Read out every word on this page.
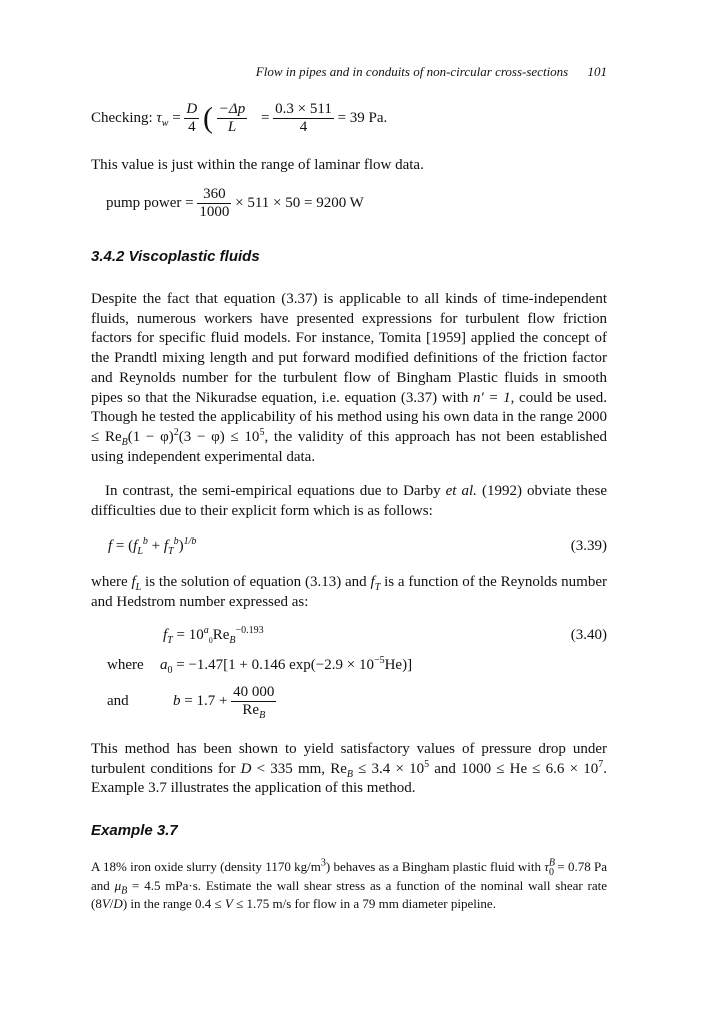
Flow in pipes and in conduits of non-circular cross-sections 101
Checking: $\tau_w = \frac{D}{4}$ ( $\frac{-\Delta p}{L} = \frac{0.3 \times 511}{4} = 39$ Pa.
This value is just within the range of laminar flow data.
pump power = $\frac{360}{1000} \times 511 \times 50 = 9200$ W
3.4.2 Viscoplastic fluids
Despite the fact that equation (3.37) is applicable to all kinds of time-independent fluids, numerous workers have presented expressions for turbulent flow friction factors for specific fluid models. For instance, Tomita [1959] applied the concept of the Prandtl mixing length and put forward modified definitions of the friction factor and Reynolds number for the turbulent flow of Bingham Plastic fluids in smooth pipes so that the Nikuradse equation, i.e. equation (3.37) with n′ = 1, could be used. Though he tested the applicability of his method using his own data in the range $2000 \le Re_B(1 - \varphi)^2(3 - \varphi) \le 10^5$, the validity of this approach has not been established using independent experimental data.
In contrast, the semi-empirical equations due to Darby et al. (1992) obviate these difficulties due to their explicit form which is as follows:
$f = (f_L^b + f_T^b)^{1/b}$	(3.39)
where $f_L$ is the solution of equation (3.13) and $f_T$ is a function of the Reynolds number and Hedstrom number expressed as:
$f_T = 10^a_0Re_B^{-0.193}$	(3.40)
where $a_0 = -1.47[1 + 0.146$ $\exp(-2.9 \times 10^{-5}He)$]
and	$b = 1.7 + \frac{40 000}{Re_B}$
This method has been shown to yield satisfactory values of pressure drop under turbulent conditions for D < 335 mm, $Re_B \le 3.4 \times 10^5$ and $1000 \le He \le 6.6 \times 10^7$. Example 3.7 illustrates the application of this method.
Example 3.7
A 18% iron oxide slurry (density 1170 $kg/m^3$) behaves as a Bingham plastic fluid with $\tau^B_0 = 0.78$ Pa and $\mu_B = 4.5$ mPa·s. Estimate the wall shear stress as a function of the nominal wall shear rate (8V/D) in the range 0.4 ≤ V ≤ 1.75 m/s for flow in a 79 mm diameter pipeline.
